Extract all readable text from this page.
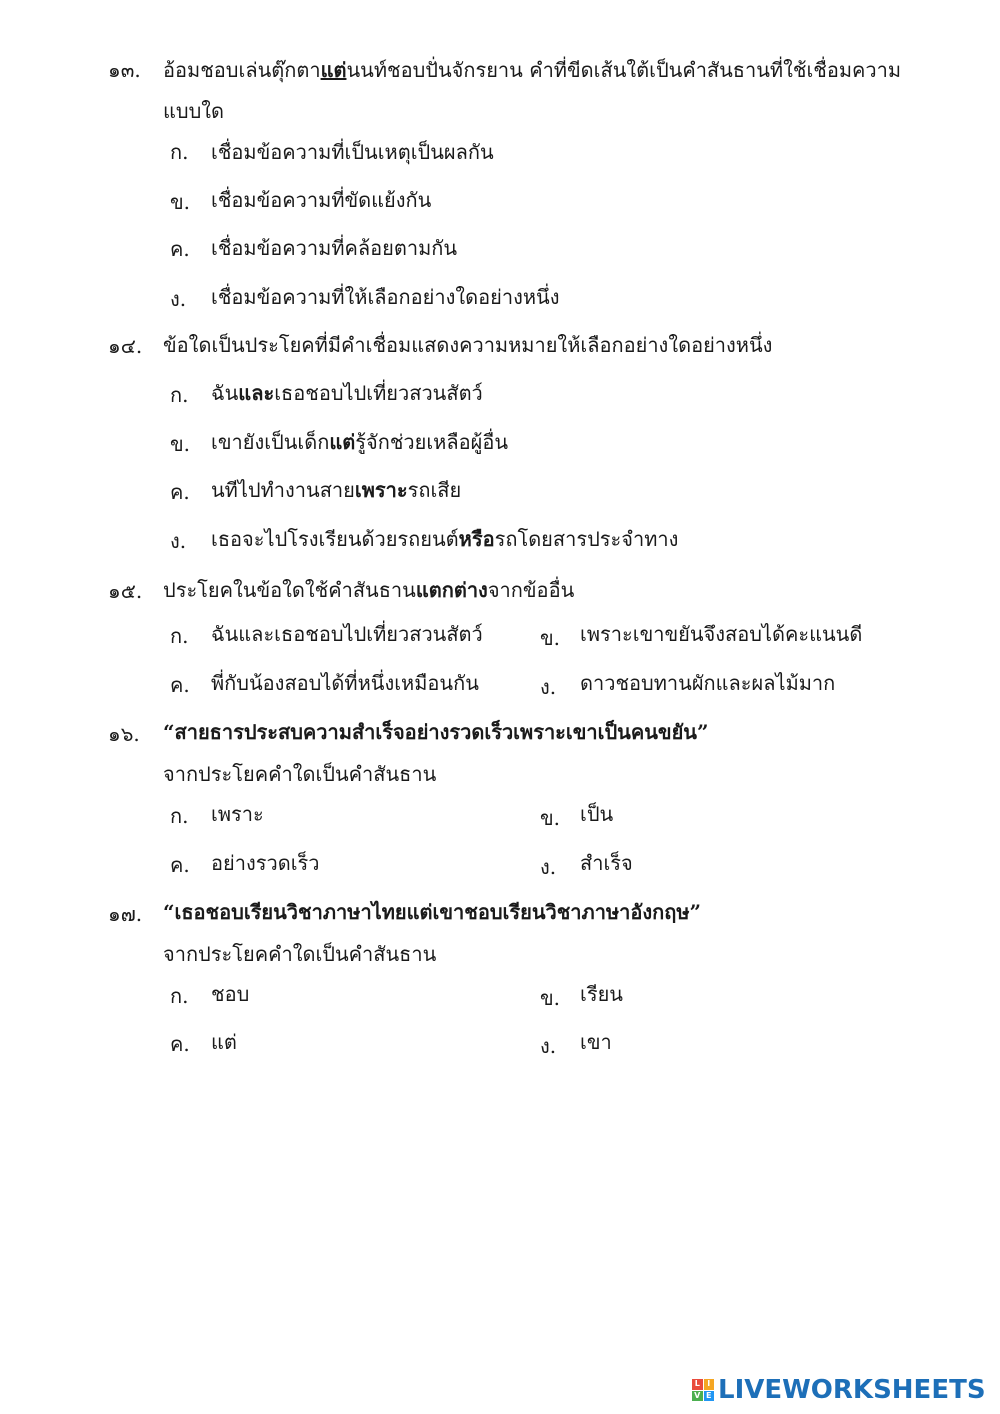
๑๓. อ้อมชอบเล่นตุ๊กตาแต่นนท์ชอบปั่นจักรยาน คำที่ขีดเส้นใต้เป็นคำสันธานที่ใช้เชื่อมความ
แบบใด
ก. เชื่อมข้อความที่เป็นเหตุเป็นผลกัน
ข. เชื่อมข้อความที่ขัดแย้งกัน
ค. เชื่อมข้อความที่คล้อยตามกัน
ง. เชื่อมข้อความที่ให้เลือกอย่างใดอย่างหนึ่ง
๑๔. ข้อใดเป็นประโยคที่มีคำเชื่อมแสดงความหมายให้เลือกอย่างใดอย่างหนึ่ง
ก. ฉันและเธอชอบไปเที่ยวสวนสัตว์
ข. เขายังเป็นเด็กแต่รู้จักช่วยเหลือผู้อื่น
ค. นทีไปทำงานสายเพราะรถเสีย
ง. เธอจะไปโรงเรียนด้วยรถยนต์หรือรถโดยสารประจำทาง
๑๕. ประโยคในข้อใดใช้คำสันธานแตกต่างจากข้ออื่น
ก. ฉันและเธอชอบไปเที่ยวสวนสัตว์	ข. เพราะเขาขยันจึงสอบได้คะแนนดี
ค. พี่กับน้องสอบได้ที่หนึ่งเหมือนกัน	ง. ดาวชอบทานผักและผลไม้มาก
๑๖. “สายธารประสบความสำเร็จอย่างรวดเร็วเพราะเขาเป็นคนขยัน”
จากประโยคคำใดเป็นคำสันธาน
ก. เพราะ	ข. เป็น
ค. อย่างรวดเร็ว	ง. สำเร็จ
๑๗. “เธอชอบเรียนวิชาภาษาไทยแต่เขาชอบเรียนวิชาภาษาอังกฤษ”
จากประโยคคำใดเป็นคำสันธาน
ก. ชอบ	ข. เรียน
ค. แต่	ง. เขา
L I
V E LIVEWORKSHEETS
